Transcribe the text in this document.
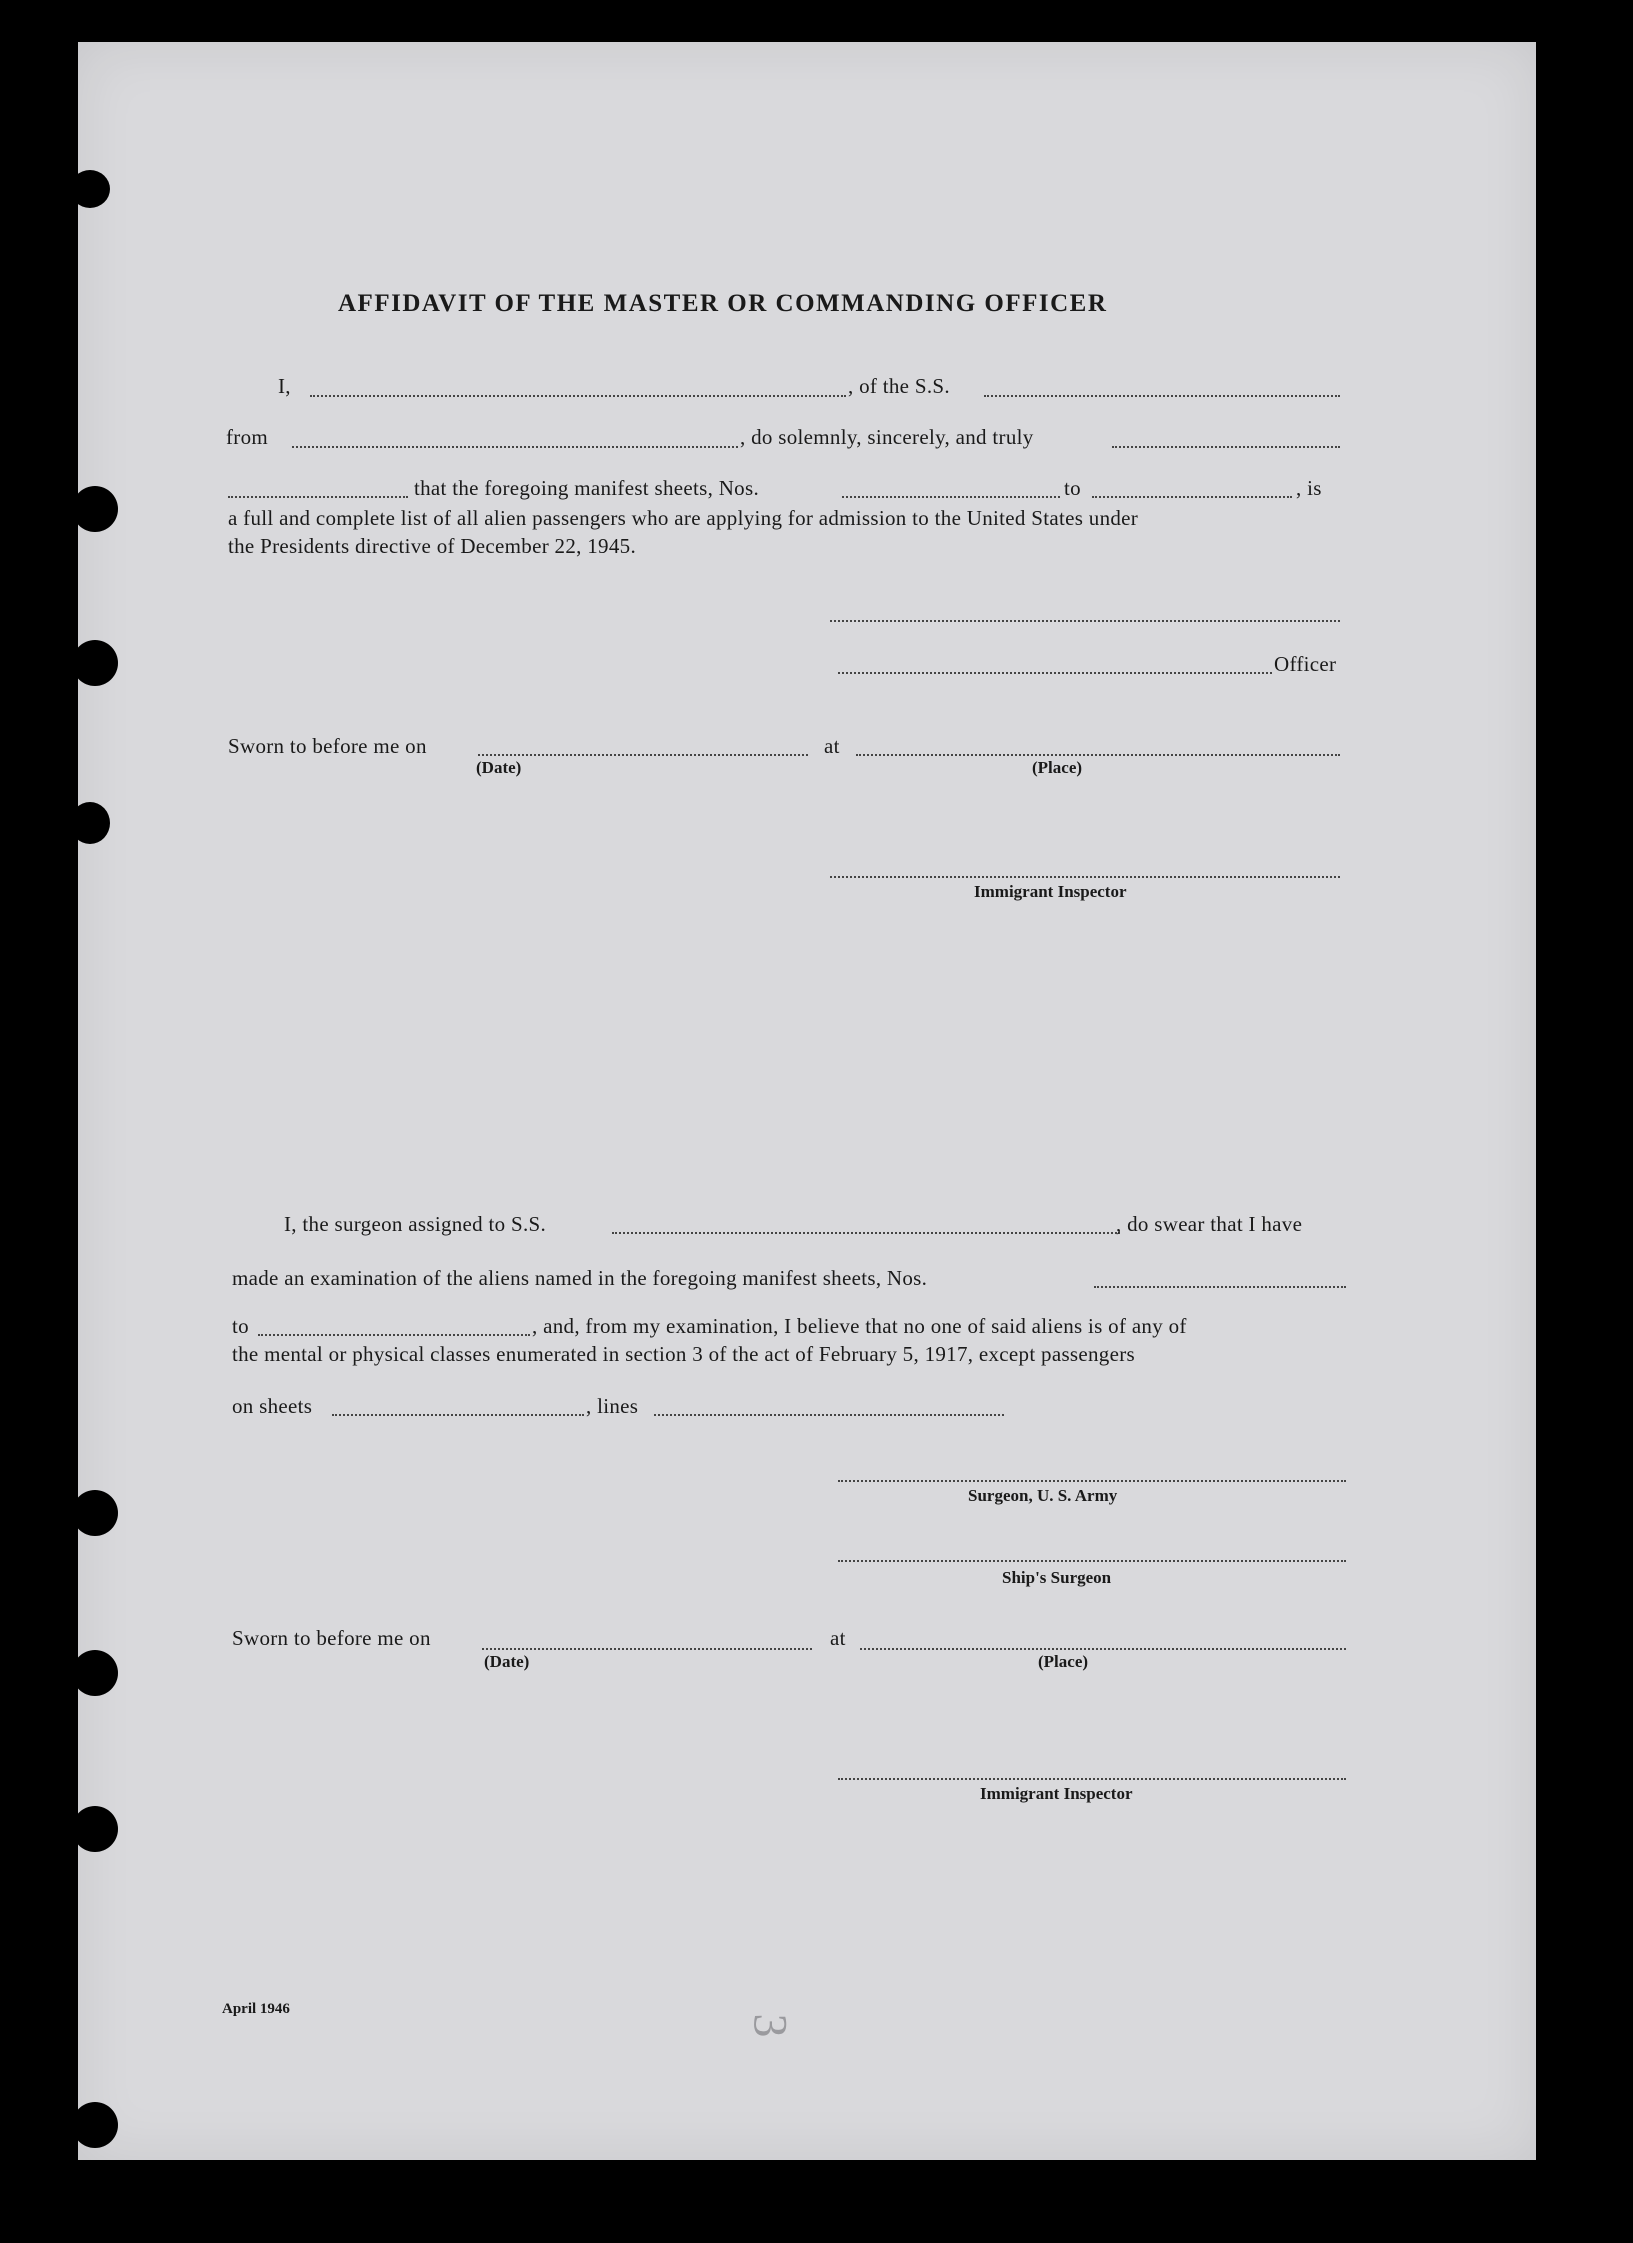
AFFIDAVIT OF THE MASTER OR COMMANDING OFFICER
I,	, of the S.S.
from	, do solemnly, sincerely, and truly
that the foregoing manifest sheets, Nos.	to	, is
a full and complete list of all alien passengers who are applying for admission to the United States under
the Presidents directive of December 22, 1945.
Officer
Sworn to before me on	at
(Date)	(Place)
Immigrant Inspector
I, the surgeon assigned to S.S.	, do swear that I have
made an examination of the aliens named in the foregoing manifest sheets, Nos.
to	, and, from my examination, I believe that no one of said aliens is of any of
the mental or physical classes enumerated in section 3 of the act of February 5, 1917, except passengers
on sheets	, lines
Surgeon, U. S. Army
Ship's Surgeon
Sworn to before me on	at
(Date)	(Place)
Immigrant Inspector
April 1946
3
